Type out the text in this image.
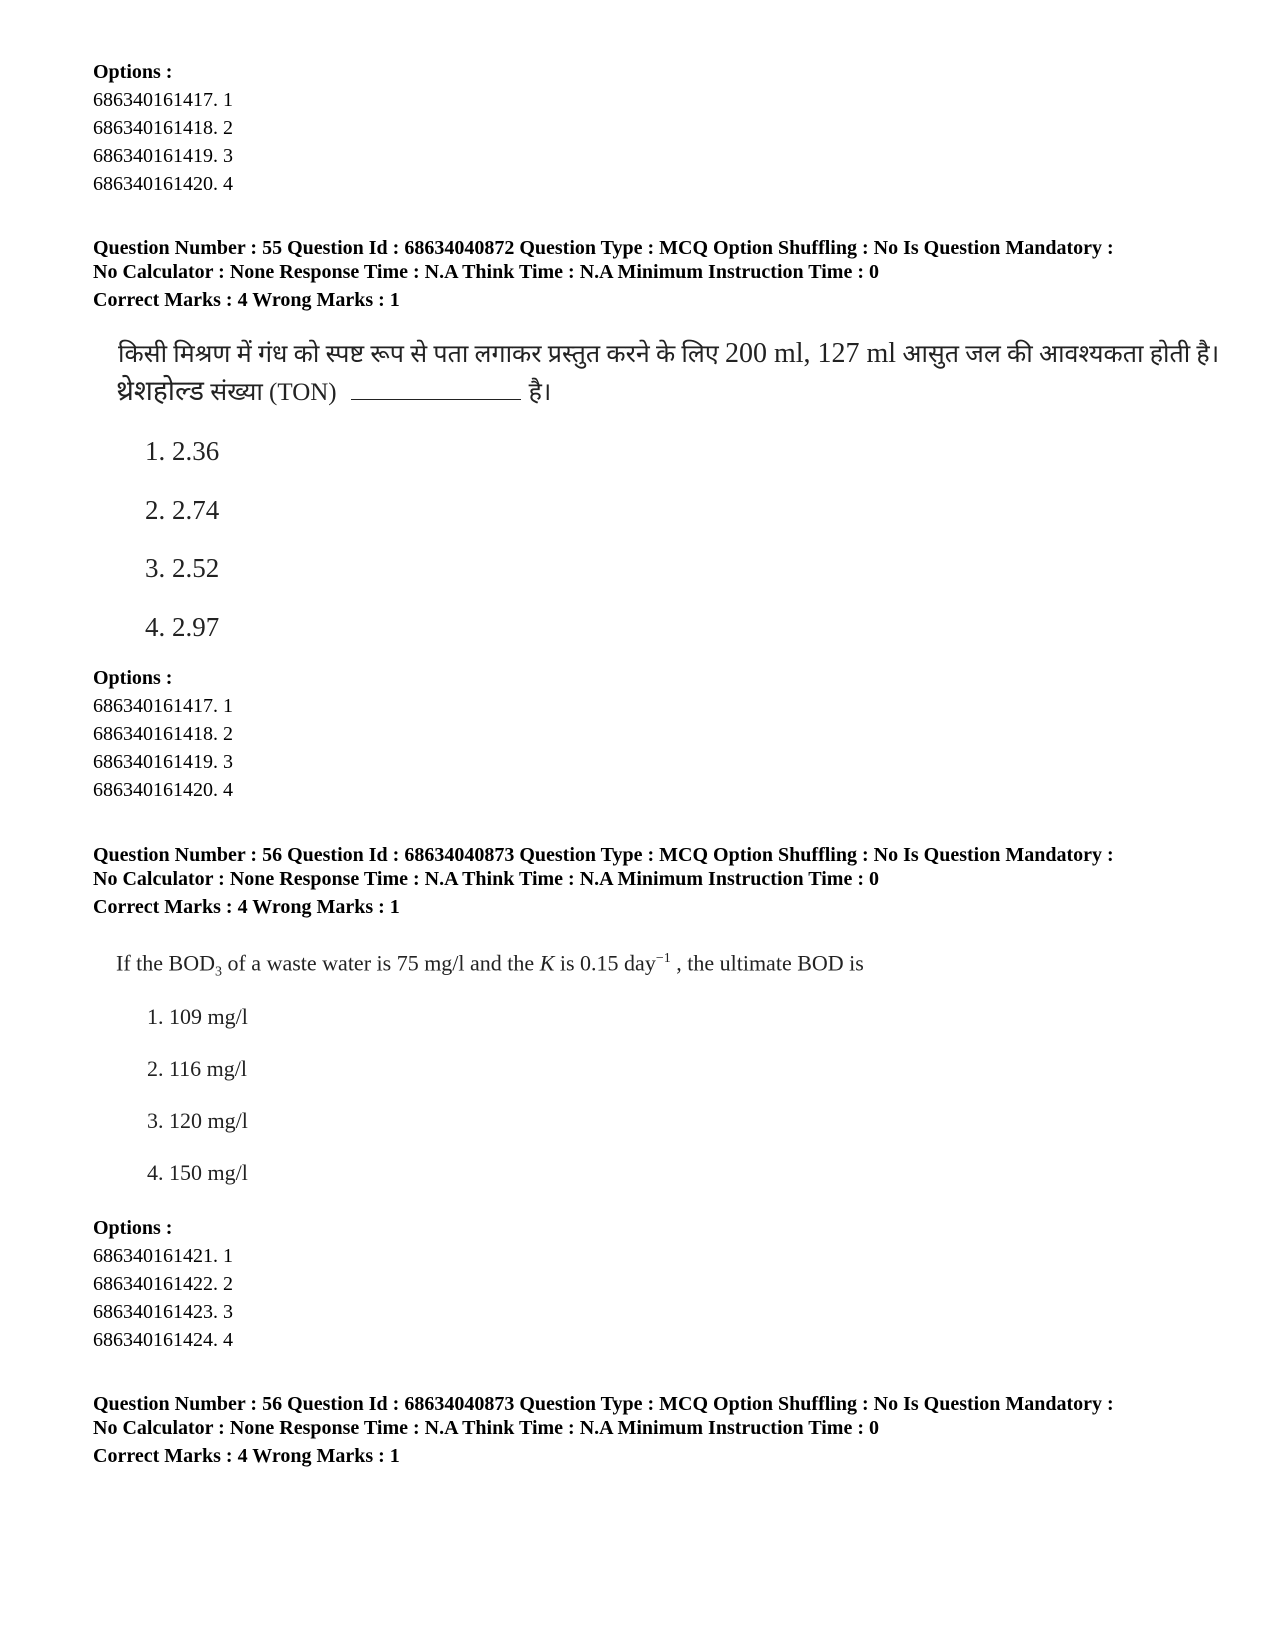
Options :
686340161417. 1
686340161418. 2
686340161419. 3
686340161420. 4
Question Number : 55 Question Id : 68634040872 Question Type : MCQ Option Shuffling : No Is Question Mandatory :
No Calculator : None Response Time : N.A Think Time : N.A Minimum Instruction Time : 0
Correct Marks : 4 Wrong Marks : 1
किसी मिश्रण में गंध को स्पष्ट रूप से पता लगाकर प्रस्तुत करने के लिए 200 ml, 127 ml आसुत जल की आवश्यकता होती है।
थ्रेशहोल्ड संख्या (TON)	है।
1. 2.36
2. 2.74
3. 2.52
4. 2.97
Options :
686340161417. 1
686340161418. 2
686340161419. 3
686340161420. 4
Question Number : 56 Question Id : 68634040873 Question Type : MCQ Option Shuffling : No Is Question Mandatory :
No Calculator : None Response Time : N.A Think Time : N.A Minimum Instruction Time : 0
Correct Marks : 4 Wrong Marks : 1
If the $BOD_3$ of a waste water is 75 mg/l and the K is 0.15 day$^{-1}$ , the ultimate BOD is
1. 109 mg/l
2. 116 mg/l
3. 120 mg/l
4. 150 mg/l
Options :
686340161421. 1
686340161422. 2
686340161423. 3
686340161424. 4
Question Number : 56 Question Id : 68634040873 Question Type : MCQ Option Shuffling : No Is Question Mandatory :
No Calculator : None Response Time : N.A Think Time : N.A Minimum Instruction Time : 0
Correct Marks : 4 Wrong Marks : 1
